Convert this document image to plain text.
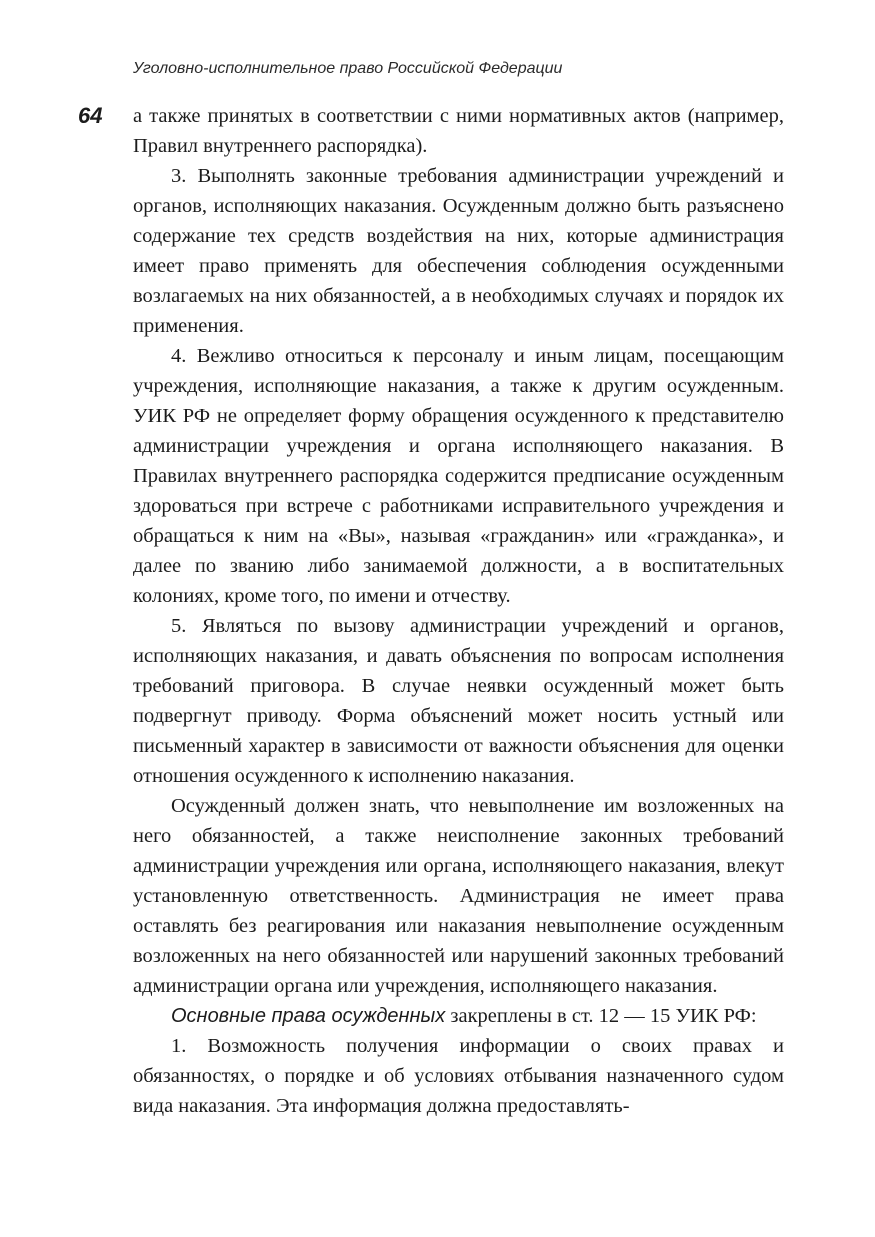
Уголовно-исполнительное право Российской Федерации
64 а также принятых в соответствии с ними нормативных актов (например, Правил внутреннего распорядка).

3. Выполнять законные требования администрации учреждений и органов, исполняющих наказания. Осужденным должно быть разъяснено содержание тех средств воздействия на них, которые администрация имеет право применять для обеспечения соблюдения осужденными возлагаемых на них обязанностей, а в необходимых случаях и порядок их применения.

4. Вежливо относиться к персоналу и иным лицам, посещающим учреждения, исполняющие наказания, а также к другим осужденным. УИК РФ не определяет форму обращения осужденного к представителю администрации учреждения и органа исполняющего наказания. В Правилах внутреннего распорядка содержится предписание осужденным здороваться при встрече с работниками исправительного учреждения и обращаться к ним на «Вы», называя «гражданин» или «гражданка», и далее по званию либо занимаемой должности, а в воспитательных колониях, кроме того, по имени и отчеству.

5. Являться по вызову администрации учреждений и органов, исполняющих наказания, и давать объяснения по вопросам исполнения требований приговора. В случае неявки осужденный может быть подвергнут приводу. Форма объяснений может носить устный или письменный характер в зависимости от важности объяснения для оценки отношения осужденного к исполнению наказания.

Осужденный должен знать, что невыполнение им возложенных на него обязанностей, а также неисполнение законных требований администрации учреждения или органа, исполняющего наказания, влекут установленную ответственность. Администрация не имеет права оставлять без реагирования или наказания невыполнение осужденным возложенных на него обязанностей или нарушений законных требований администрации органа или учреждения, исполняющего наказания.

Основные права осужденных закреплены в ст. 12 — 15 УИК РФ:

1. Возможность получения информации о своих правах и обязанностях, о порядке и об условиях отбывания назначенного судом вида наказания. Эта информация должна предоставлять-
